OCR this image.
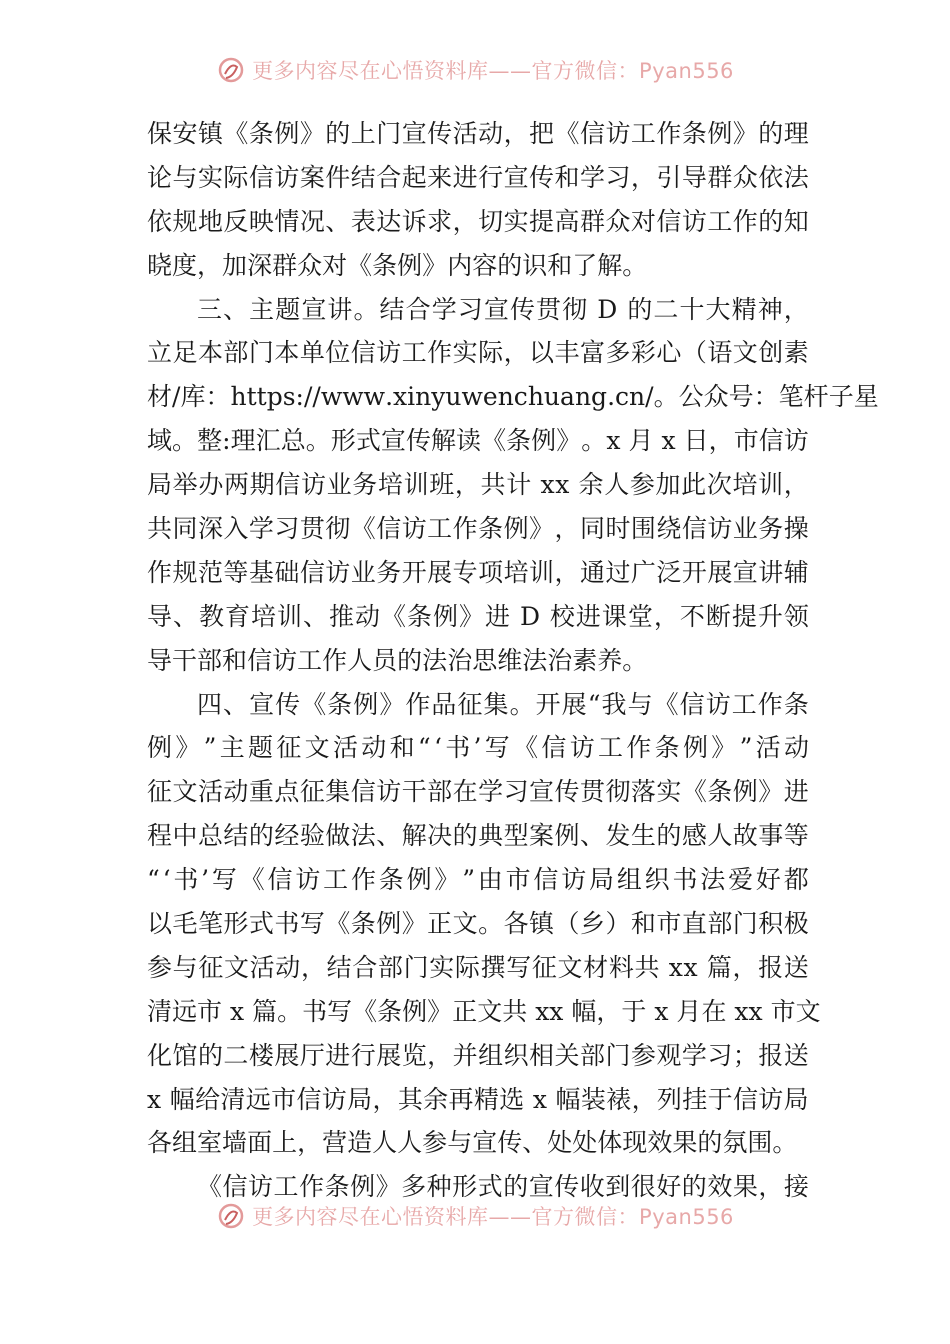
更多内容尽在心悟资料库——官方微信：Pyan556
保 安 镇 《 条 例 》 的 上 门 宣 传 活 动 ， 把 《 信 访 工 作 条 例 》 的 理
论 与 实 际 信 访 案 件 结 合 起 来 进 行 宣 传 和 学 习 ， 引 导 群 众 依 法
依 规 地 反 映 情 况 、 表 达 诉 求 ， 切 实 提 高 群 众 对 信 访 工 作 的 知
晓 度 ， 加 深 群 众 对 《 条 例 》 内 容 的 识 和 了 解 。
三 、 主 题 宣 讲 。 结 合 学 习 宣 传 贯 彻
D
的 二 十 大 精 神 ，
立 足 本 部 门 本 单 位 信 访 工 作 实 际 ， 以 丰 富 多 彩 心 （ 语 文 创 素
材 / 库 ： h t t p s : / / w w w . x i n y u w e n c h u a n g . c n / 。 公 众 号 ： 笔 杆 子 星
域 。 整 : 理 汇 总 。 形 式 宣 传 解 读 《 条 例 》 。 x
月
x
日 ， 市 信 访
局 举 办 两 期 信 访 业 务 培 训 班 ， 共 计
x x
余 人 参 加 此 次 培 训 ，
共 同 深 入 学 习 贯 彻 《 信 访 工 作 条 例 》 ， 同 时 围 绕 信 访 业 务 操
作 规 范 等 基 础 信 访 业 务 开 展 专 项 培 训 ， 通 过 广 泛 开 展 宣 讲 辅
导 、 教 育 培 训 、 推 动 《 条 例 》 进
D
校 进 课 堂 ， 不 断 提 升 领
导 干 部 和 信 访 工 作 人 员 的 法 治 思 维 法 治 素 养 。
四 、 宣 传 《 条 例 》 作 品 征 集 。 开 展 “ 我 与 《 信 访 工 作 条
例 》 ” 主 题 征 文 活 动 和 “ ‘ 书 ’ 写 《 信 访 工 作 条 例 》 ” 活 动
征 文 活 动 重 点 征 集 信 访 干 部 在 学 习 宣 传 贯 彻 落 实 《 条 例 》 进
程 中 总 结 的 经 验 做 法 、 解 决 的 典 型 案 例 、 发 生 的 感 人 故 事 等
“ ‘ 书 ’ 写 《 信 访 工 作 条 例 》 ” 由 市 信 访 局 组 织 书 法 爱 好 都
以 毛 笔 形 式 书 写 《 条 例 》 正 文 。 各 镇 （ 乡 ） 和 市 直 部 门 积 极
参 与 征 文 活 动 ， 结 合 部 门 实 际 撰 写 征 文 材 料 共
x x
篇 ， 报 送
清 远 市
x
篇 。 书 写 《 条 例 》 正 文 共
x x
幅 ， 于
x
月 在
x x
市 文
化 馆 的 二 楼 展 厅 进 行 展 览 ， 并 组 织 相 关 部 门 参 观 学 习 ； 报 送
x
幅 给 清 远 市 信 访 局 ， 其 余 再 精 选
x
幅 装 裱 ， 列 挂 于 信 访 局
各 组 室 墙 面 上 ， 营 造 人 人 参 与 宣 传 、 处 处 体 现 效 果 的 氛 围 。
《 信 访 工 作 条 例 》 多 种 形 式 的 宣 传 收 到 很 好 的 效 果 ， 接
更多内容尽在心悟资料库——官方微信：Pyan556
